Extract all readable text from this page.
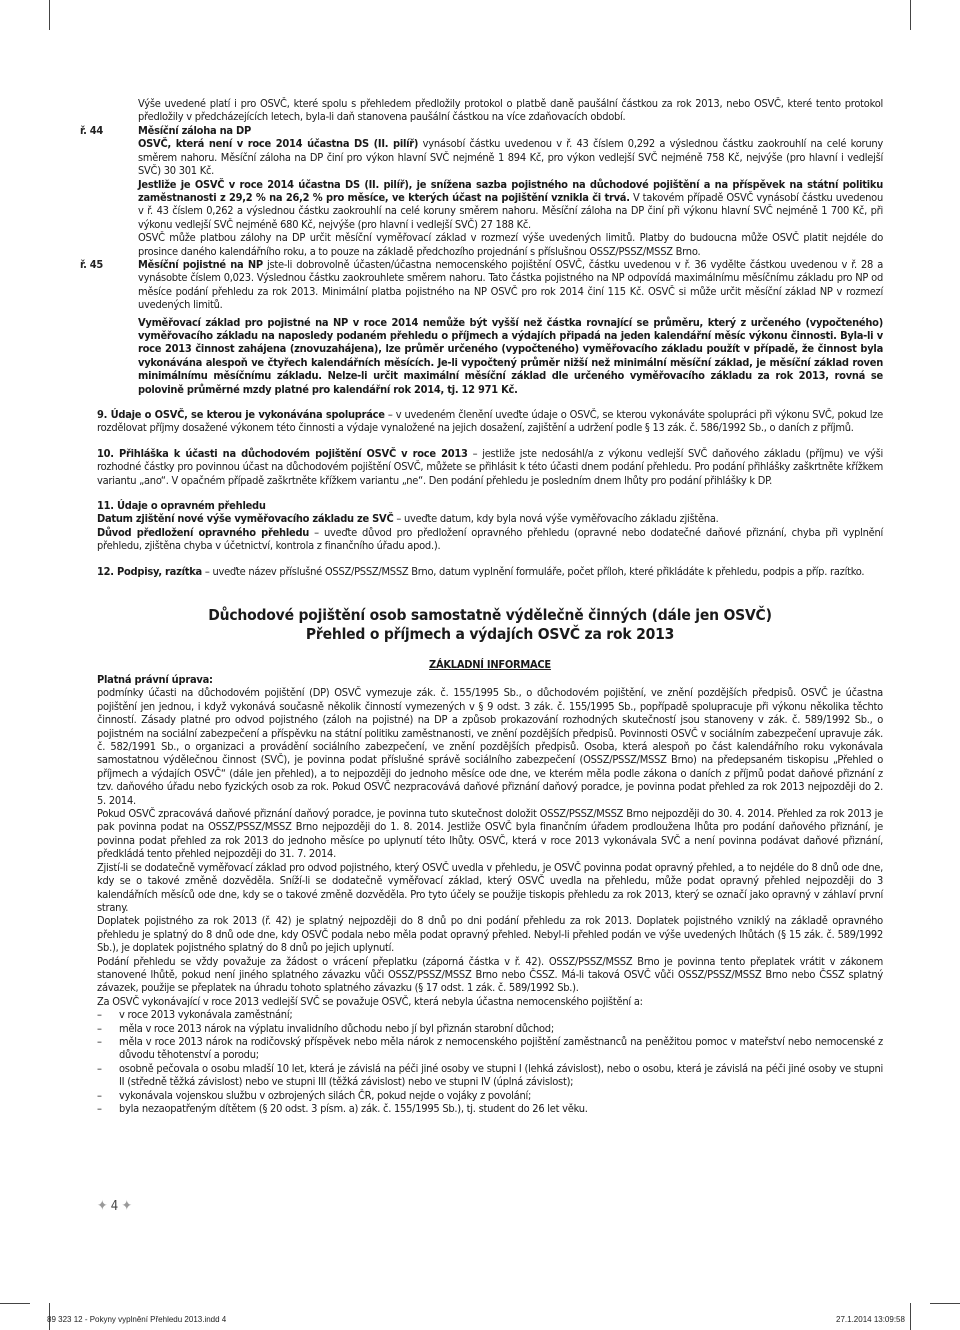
Výše uvedené platí i pro OSVČ, které spolu s přehledem předložily protokol o platbě daně paušální částkou za rok 2013, nebo OSVČ, které tento protokol předložily v předcházejících letech, byla-li daň stanovena paušální částkou na více zdaňovacích období.

ř. 44	Měsíční záloha na DP

OSVČ, která není v roce 2014 účastna DS (II. pilíř) vynásobí částku uvedenou v ř. 43 číslem 0,292 a výslednou částku zaokrouhlí na celé koruny směrem nahoru. Měsíční záloha na DP činí pro výkon hlavní SVČ nejméně 1 894 Kč, pro výkon vedlejší SVČ nejméně 758 Kč, nejvýše (pro hlavní i vedlejší SVČ) 30 301 Kč.

Jestliže je OSVČ v roce 2014 účastna DS (II. pilíř), je snížena sazba pojistného na důchodové pojištění a na příspěvek na státní politiku zaměstnanosti z 29,2 % na 26,2 % pro měsíce, ve kterých účast na pojištění vznikla či trvá. V takovém případě OSVČ vynásobí částku uvedenou v ř. 43 číslem 0,262 a výslednou částku zaokrouhlí na celé koruny směrem nahoru. Měsíční záloha na DP činí při výkonu hlavní SVČ nejméně 1 700 Kč, při výkonu vedlejší SVČ nejméně 680 Kč, nejvýše (pro hlavní i vedlejší SVČ) 27 188 Kč.

OSVČ může platbou zálohy na DP určit měsíční vyměřovací základ v rozmezí výše uvedených limitů. Platby do budoucna může OSVČ platit nejdéle do prosince daného kalendářního roku, a to pouze na základě předchozího projednání s příslušnou OSSZ/PSSZ/MSSZ Brno.

ř. 45	Měsíční pojistné na NP jste-li dobrovolně účasten/účastna nemocenského pojištění OSVČ, částku uvedenou v ř. 36 vydělte částkou uvedenou v ř. 28 a vynásobte číslem 0,023. Výslednou částku zaokrouhlete směrem nahoru. Tato částka pojistného na NP odpovídá maximálnímu měsíčnímu základu pro NP od měsíce podání přehledu za rok 2013. Minimální platba pojistného na NP OSVČ pro rok 2014 činí 115 Kč. OSVČ si může určit měsíční základ NP v rozmezí uvedených limitů.

Vyměřovací základ pro pojistné na NP v roce 2014 nemůže být vyšší než částka rovnající se průměru, který z určeného (vypočteného) vyměřovacího základu na naposledy podaném přehledu o příjmech a výdajích připadá na jeden kalendářní měsíc výkonu činnosti. Byla-li v roce 2013 činnost zahájena (znovuzahájena), lze průměr určeného (vypočteného) vyměřovacího základu použít v případě, že činnost byla vykonávána alespoň ve čtyřech kalendářních měsících. Je-li vypočtený průměr nižší než minimální měsíční základ, je měsíční základ roven minimálnímu měsíčnímu základu. Nelze-li určit maximální měsíční základ dle určeného vyměřovacího základu za rok 2013, rovná se polovině průměrné mzdy platné pro kalendářní rok 2014, tj. 12 971 Kč.

9. Údaje o OSVČ, se kterou je vykonávána spolupráce – v uvedeném členění uveďte údaje o OSVČ, se kterou vykonáváte spolupráci při výkonu SVČ, pokud lze rozdělovat příjmy dosažené výkonem této činnosti a výdaje vynaložené na jejich dosažení, zajištění a udržení podle § 13 zák. č. 586/1992 Sb., o daních z příjmů.

10. Přihláška k účasti na důchodovém pojištění OSVČ v roce 2013 – jestliže jste nedosáhl/a z výkonu vedlejší SVČ daňového základu (příjmu) ve výši rozhodné částky pro povinnou účast na důchodovém pojištění OSVČ, můžete se přihlásit k této účasti dnem podání přehledu. Pro podání přihlášky zaškrtněte křížkem variantu „ano“. V opačném případě zaškrtněte křížkem variantu „ne“. Den podání přehledu je posledním dnem lhůty pro podání přihlášky k DP.

11. Údaje o opravném přehledu

Datum zjištění nové výše vyměřovacího základu ze SVČ – uveďte datum, kdy byla nová výše vyměřovacího základu zjištěna.

Důvod předložení opravného přehledu – uveďte důvod pro předložení opravného přehledu (opravné nebo dodatečné daňové přiznání, chyba při vyplnění přehledu, zjištěna chyba v účetnictví, kontrola z finančního úřadu apod.).

12. Podpisy, razítka – uveďte název příslušné OSSZ/PSSZ/MSSZ Brno, datum vyplnění formuláře, počet příloh, které přikládáte k přehledu, podpis a příp. razítko.

Důchodové pojištění osob samostatně výdělečně činných (dále jen OSVČ)
Přehled o příjmech a výdajích OSVČ za rok 2013
ZÁKLADNÍ INFORMACE

Platná právní úprava:

podmínky účasti na důchodovém pojištění (DP) OSVČ vymezuje zák. č. 155/1995 Sb., o důchodovém pojištění, ve znění pozdějších předpisů. OSVČ je účastna pojištění jen jednou, i když vykonává současně několik činností vymezených v § 9 odst. 3 zák. č. 155/1995 Sb., popřípadě spolupracuje při výkonu několika těchto činností. Zásady platné pro odvod pojistného (záloh na pojistné) na DP a způsob prokazování rozhodných skutečností jsou stanoveny v zák. č. 589/1992 Sb., o pojistném na sociální zabezpečení a příspěvku na státní politiku zaměstnanosti, ve znění pozdějších předpisů. Povinnosti OSVČ v sociálním zabezpečení upravuje zák. č. 582/1991 Sb., o organizaci a provádění sociálního zabezpečení, ve znění pozdějších předpisů. Osoba, která alespoň po část kalendářního roku vykonávala samostatnou výdělečnou činnost (SVČ), je povinna podat příslušné správě sociálního zabezpečení (OSSZ/PSSZ/MSSZ Brno) na předepsaném tiskopisu „Přehled o příjmech a výdajích OSVČ“ (dále jen přehled), a to nejpozději do jednoho měsíce ode dne, ve kterém měla podle zákona o daních z příjmů podat daňové přiznání z tzv. daňového úřadu nebo fyzických osob za rok. Pokud OSVČ nezpracovává daňové přiznání daňový poradce, je povinna podat přehled za rok 2013 nejpozději do 2. 5. 2014.

Pokud OSVČ zpracovává daňové přiznání daňový poradce, je povinna tuto skutečnost doložit OSSZ/PSSZ/MSSZ Brno nejpozději do 30. 4. 2014. Přehled za rok 2013 je pak povinna podat na OSSZ/PSSZ/MSSZ Brno nejpozději do 1. 8. 2014. Jestliže OSVČ byla finančním úřadem prodloužena lhůta pro podání daňového přiznání, je povinna podat přehled za rok 2013 do jednoho měsíce po uplynutí této lhůty. OSVČ, která v roce 2013 vykonávala SVČ a není povinna podávat daňové přiznání, předkládá tento přehled nejpozději do 31. 7. 2014.

Zjistí-li se dodatečně vyměřovací základ pro odvod pojistného, který OSVČ uvedla v přehledu, je OSVČ povinna podat opravný přehled, a to nejdéle do 8 dnů ode dne, kdy se o takové změně dozvěděla. Sníží-li se dodatečně vyměřovací základ, který OSVČ uvedla na přehledu, může podat opravný přehled nejpozději do 3 kalendářních měsíců ode dne, kdy se o takové změně dozvěděla. Pro tyto účely se použije tiskopis přehledu za rok 2013, který se označí jako opravný v záhlaví první strany.

Doplatek pojistného za rok 2013 (ř. 42) je splatný nejpozději do 8 dnů po dni podání přehledu za rok 2013. Doplatek pojistného vzniklý na základě opravného přehledu je splatný do 8 dnů ode dne, kdy OSVČ podala nebo měla podat opravný přehled. Nebyl-li přehled podán ve výše uvedených lhůtách (§ 15 zák. č. 589/1992 Sb.), je doplatek pojistného splatný do 8 dnů po jejich uplynutí.

Podání přehledu se vždy považuje za žádost o vrácení přeplatku (záporná částka v ř. 42). OSSZ/PSSZ/MSSZ Brno je povinna tento přeplatek vrátit v zákonem stanovené lhůtě, pokud není jiného splatného závazku vůči OSSZ/PSSZ/MSSZ Brno nebo ČSSZ. Má-li taková OSVČ vůči OSSZ/PSSZ/MSSZ Brno nebo ČSSZ splatný závazek, použije se přeplatek na úhradu tohoto splatného závazku (§ 17 odst. 1 zák. č. 589/1992 Sb.).

Za OSVČ vykonávající v roce 2013 vedlejší SVČ se považuje OSVČ, která nebyla účastna nemocenského pojištění a:

– v roce 2013 vykonávala zaměstnání;
– měla v roce 2013 nárok na výplatu invalidního důchodu nebo jí byl přiznán starobní důchod;
– měla v roce 2013 nárok na rodičovský příspěvek nebo měla nárok z nemocenského pojištění zaměstnanců na peněžitou pomoc v mateřství nebo nemocenské z důvodu těhotenství a porodu;
– osobně pečovala o osobu mladší 10 let, která je závislá na péči jiné osoby ve stupni I (lehká závislost), nebo o osobu, která je závislá na péči jiné osoby ve stupni II (středně těžká závislost) nebo ve stupni III (těžká závislost) nebo ve stupni IV (úplná závislost);
– vykonávala vojenskou službu v ozbrojených silách ČR, pokud nejde o vojáky z povolání;
– byla nezaopatřeným dítětem (§ 20 odst. 3 písm. a) zák. č. 155/1995 Sb.), tj. student do 26 let věku.
✦ 4 ✦
89 323 12 - Pokyny vyplnění Přehledu 2013.indd 4	27.1.2014 13:09:58
